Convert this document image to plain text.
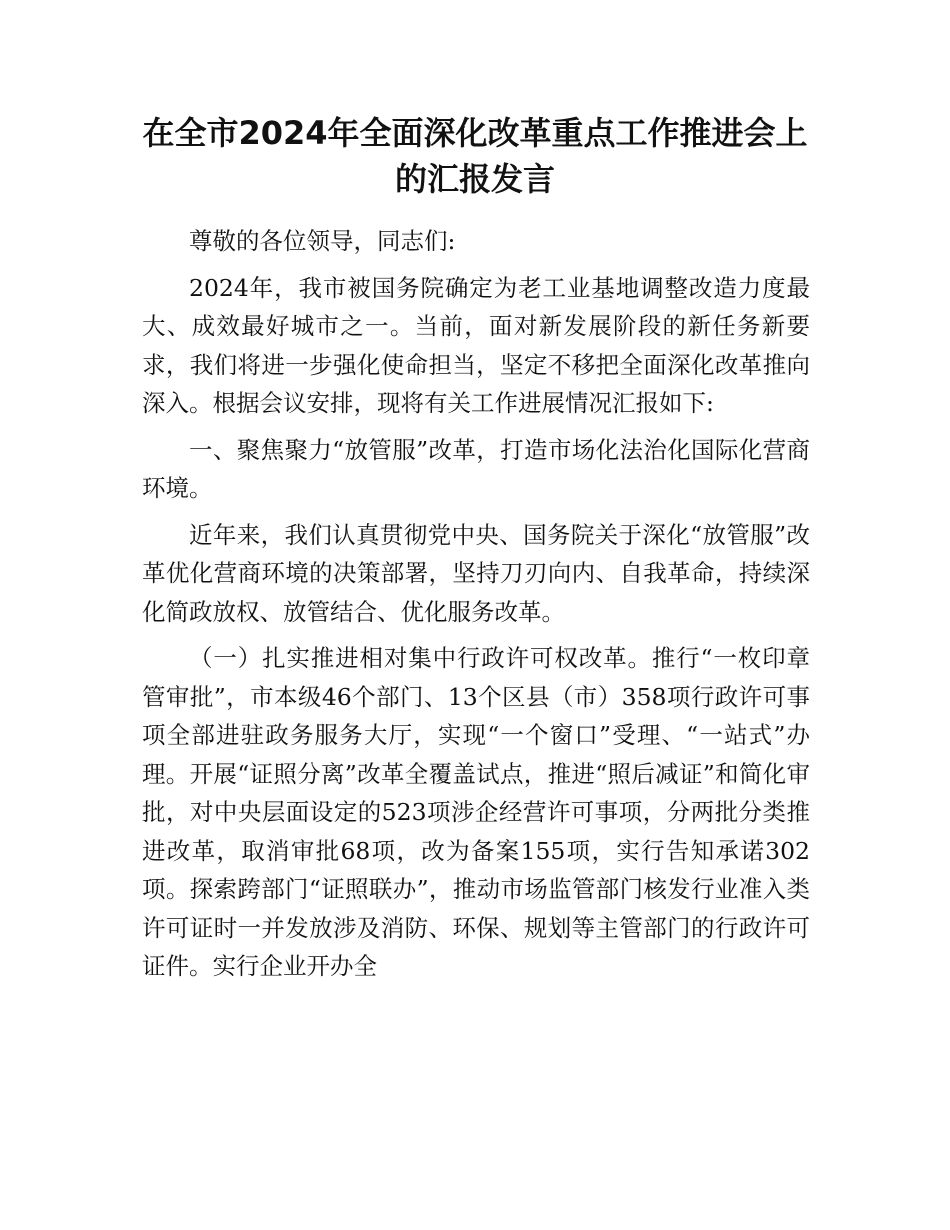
在全市2024年全面深化改革重点工作推进会上的汇报发言

尊敬的各位领导，同志们:

2024年，我市被国务院确定为老工业基地调整改造力度最大、成效最好城市之一。当前，面对新发展阶段的新任务新要求，我们将进一步强化使命担当，坚定不移把全面深化改革推向深入。根据会议安排，现将有关工作进展情况汇报如下:

一、聚焦聚力“放管服”改革，打造市场化法治化国际化营商环境。

近年来，我们认真贯彻党中央、国务院关于深化“放管服”改革优化营商环境的决策部署，坚持刀刃向内、自我革命，持续深化简政放权、放管结合、优化服务改革。

（一）扎实推进相对集中行政许可权改革。推行“一枚印章管审批”，市本级46个部门、13个区县（市）358项行政许可事项全部进驻政务服务大厅，实现“一个窗口”受理、“一站式”办理。开展“证照分离”改革全覆盖试点，推进“照后减证”和简化审批，对中央层面设定的523项涉企经营许可事项，分两批分类推进改革，取消审批68项，改为备案155项，实行告知承诺302项。探索跨部门“证照联办”，推动市场监管部门核发行业准入类许可证时一并发放涉及消防、环保、规划等主管部门的行政许可证件。实行企业开办全
